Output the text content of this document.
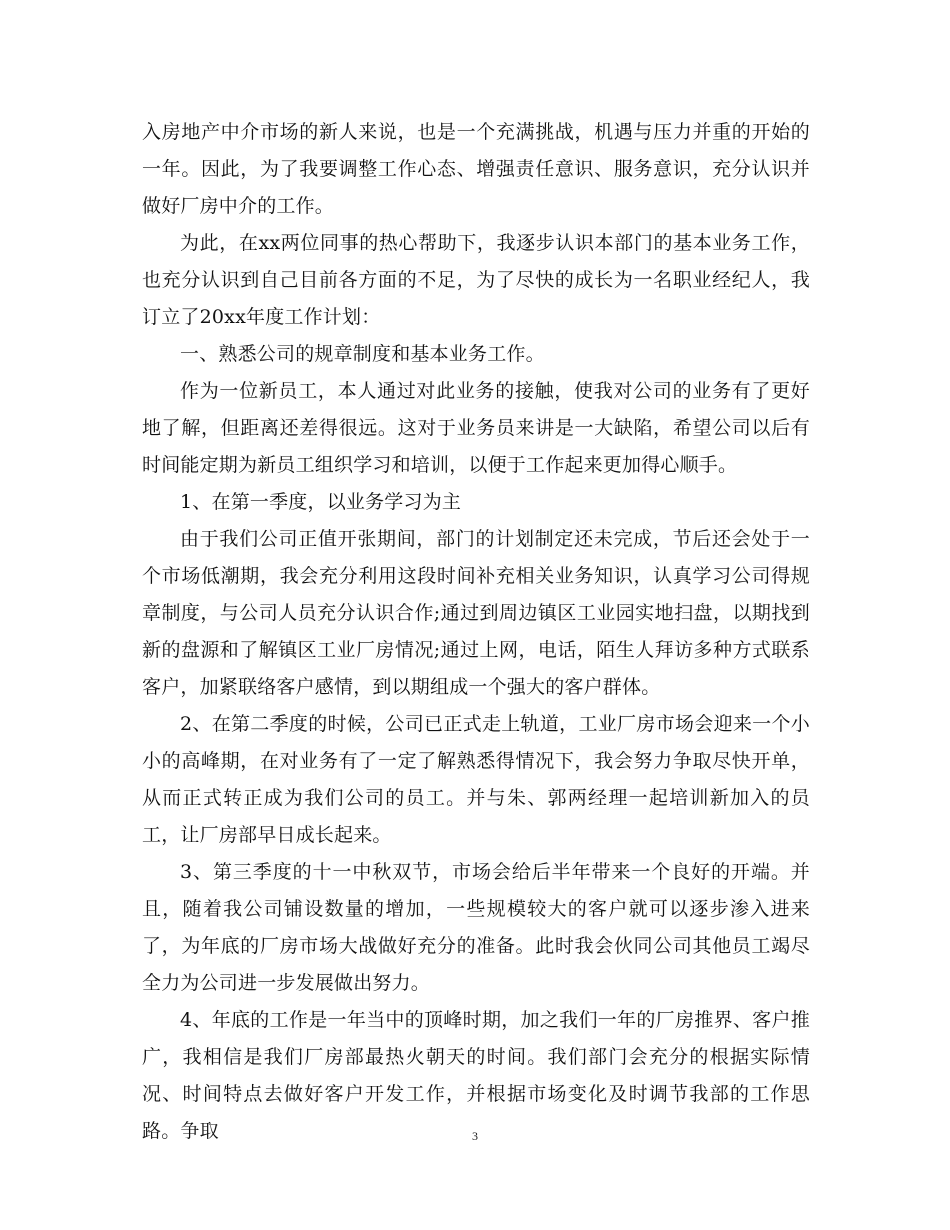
入房地产中介市场的新人来说，也是一个充满挑战，机遇与压力并重的开始的一年。因此，为了我要调整工作心态、增强责任意识、服务意识，充分认识并做好厂房中介的工作。

为此，在xx两位同事的热心帮助下，我逐步认识本部门的基本业务工作，也充分认识到自己目前各方面的不足，为了尽快的成长为一名职业经纪人，我订立了20xx年度工作计划：

一、熟悉公司的规章制度和基本业务工作。

作为一位新员工，本人通过对此业务的接触，使我对公司的业务有了更好地了解，但距离还差得很远。这对于业务员来讲是一大缺陷，希望公司以后有时间能定期为新员工组织学习和培训，以便于工作起来更加得心顺手。

1、在第一季度，以业务学习为主

由于我们公司正值开张期间，部门的计划制定还未完成，节后还会处于一个市场低潮期，我会充分利用这段时间补充相关业务知识，认真学习公司得规章制度，与公司人员充分认识合作;通过到周边镇区工业园实地扫盘，以期找到新的盘源和了解镇区工业厂房情况;通过上网，电话，陌生人拜访多种方式联系客户，加紧联络客户感情，到以期组成一个强大的客户群体。

2、在第二季度的时候，公司已正式走上轨道，工业厂房市场会迎来一个小小的高峰期，在对业务有了一定了解熟悉得情况下，我会努力争取尽快开单，从而正式转正成为我们公司的员工。并与朱、郭两经理一起培训新加入的员工，让厂房部早日成长起来。

3、第三季度的十一中秋双节，市场会给后半年带来一个良好的开端。并且，随着我公司铺设数量的增加，一些规模较大的客户就可以逐步渗入进来了，为年底的厂房市场大战做好充分的准备。此时我会伙同公司其他员工竭尽全力为公司进一步发展做出努力。

4、年底的工作是一年当中的顶峰时期，加之我们一年的厂房推界、客户推广，我相信是我们厂房部最热火朝天的时间。我们部门会充分的根据实际情况、时间特点去做好客户开发工作，并根据市场变化及时调节我部的工作思路。争取	3
